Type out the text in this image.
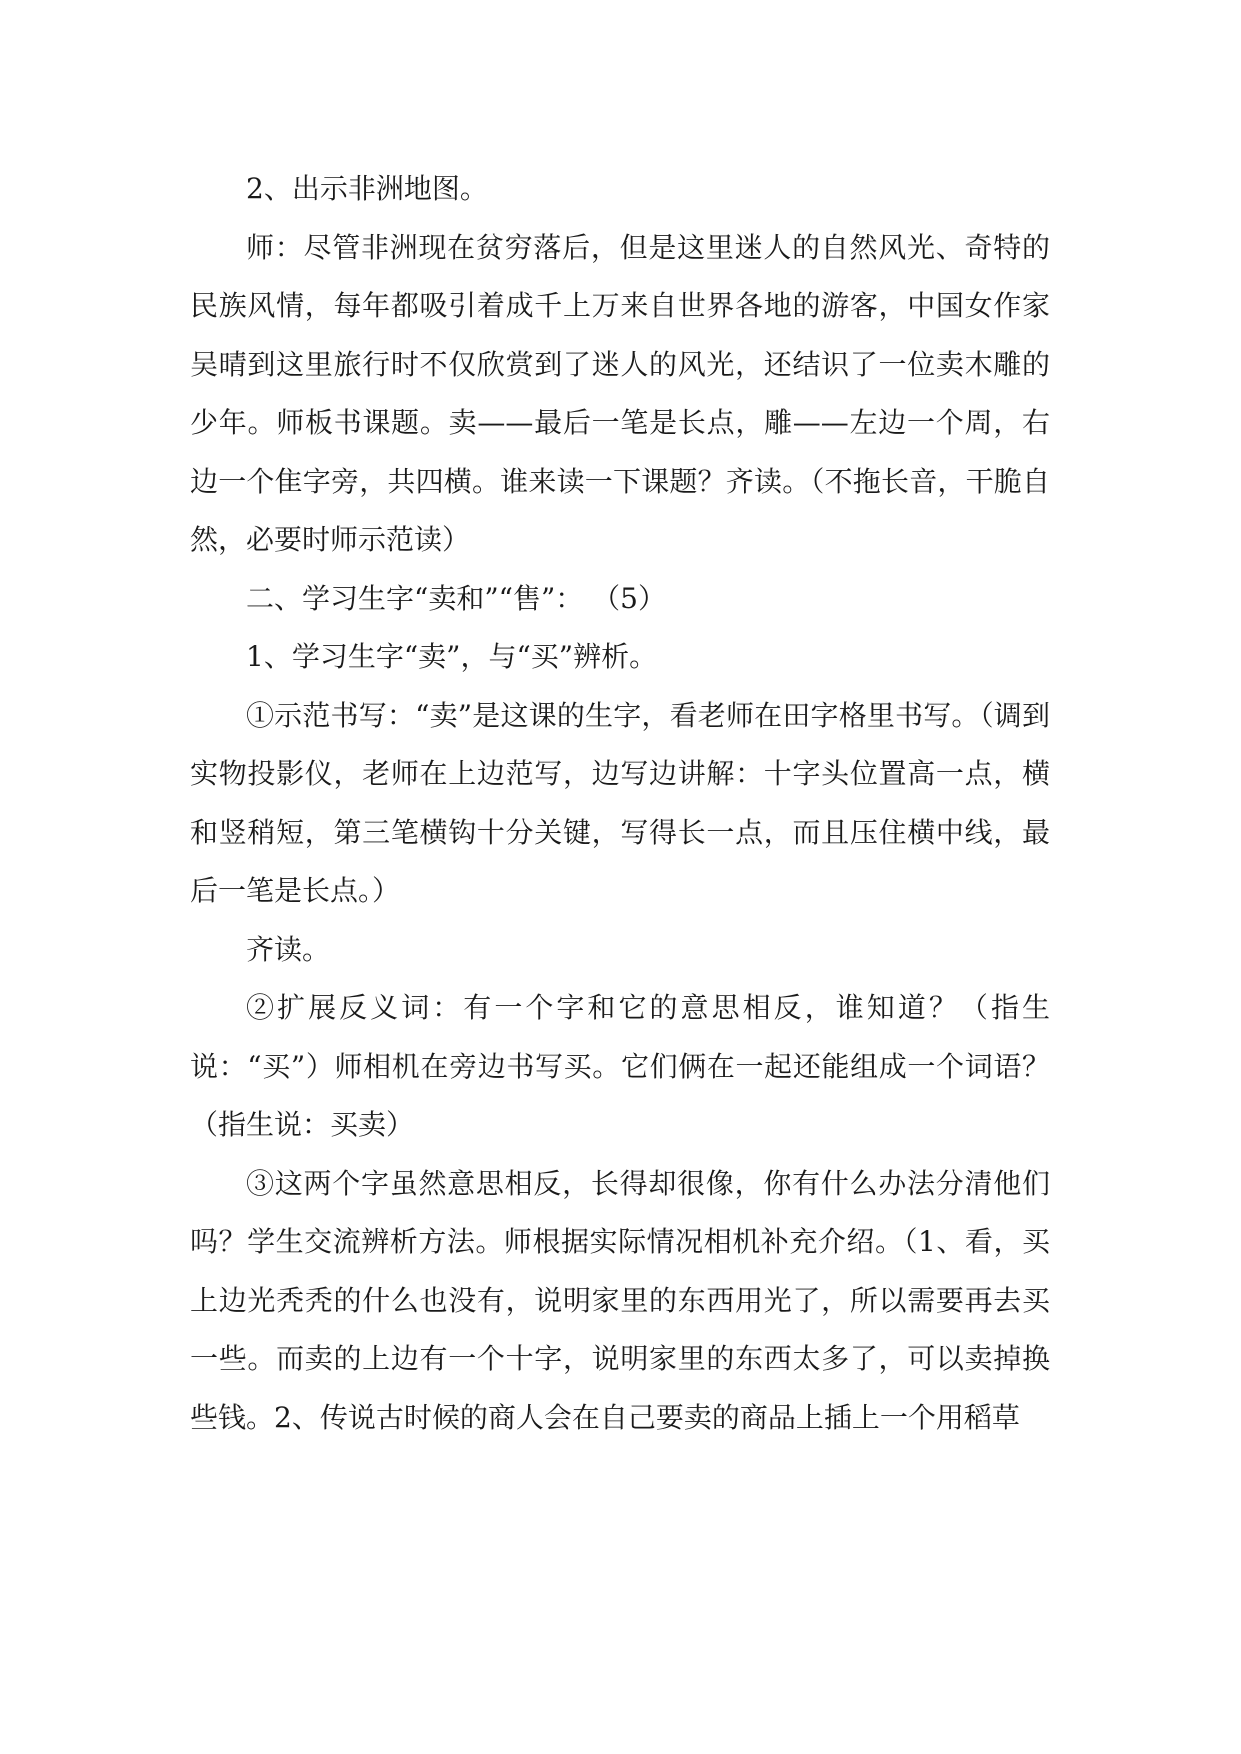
2、出示非洲地图。

师：尽管非洲现在贫穷落后，但是这里迷人的自然风光、奇特的民族风情，每年都吸引着成千上万来自世界各地的游客，中国女作家吴晴到这里旅行时不仅欣赏到了迷人的风光，还结识了一位卖木雕的少年。师板书课题。卖——最后一笔是长点，雕——左边一个周，右边一个隹字旁，共四横。谁来读一下课题？齐读。（不拖长音，干脆自然，必要时师示范读）

二、学习生字“卖和”“售”： （5）

1、学习生字“卖”，与“买”辨析。

①示范书写：“卖”是这课的生字，看老师在田字格里书写。（调到实物投影仪，老师在上边范写，边写边讲解：十字头位置高一点，横和竖稍短，第三笔横钩十分关键，写得长一点，而且压住横中线，最后一笔是长点。）

齐读。

②扩展反义词：有一个字和它的意思相反，谁知道？（指生说：“买”）师相机在旁边书写买。它们俩在一起还能组成一个词语？（指生说：买卖）

③这两个字虽然意思相反，长得却很像，你有什么办法分清他们吗？学生交流辨析方法。师根据实际情况相机补充介绍。（1、看，买上边光秃秃的什么也没有，说明家里的东西用光了，所以需要再去买一些。而卖的上边有一个十字，说明家里的东西太多了，可以卖掉换些钱。2、传说古时候的商人会在自己要卖的商品上插上一个用稻草
